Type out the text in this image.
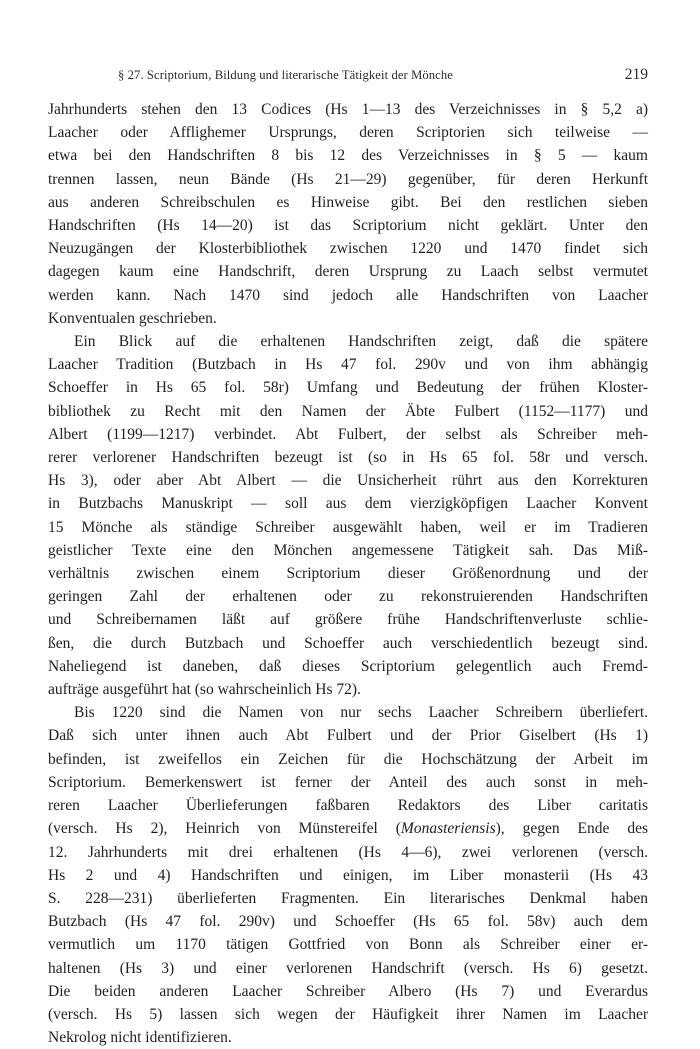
§ 27. Scriptorium, Bildung und literarische Tätigkeit der Mönche	219

Jahrhunderts stehen den 13 Codices (Hs 1—13 des Verzeichnisses in § 5,2 a)
Laacher oder Afflighemer Ursprungs, deren Scriptorien sich teilweise —
etwa bei den Handschriften 8 bis 12 des Verzeichnisses in § 5 — kaum
trennen lassen, neun Bände (Hs 21—29) gegenüber, für deren Herkunft
aus anderen Schreibschulen es Hinweise gibt. Bei den restlichen sieben
Handschriften (Hs 14—20) ist das Scriptorium nicht geklärt. Unter den
Neuzugängen der Klosterbibliothek zwischen 1220 und 1470 findet sich
dagegen kaum eine Handschrift, deren Ursprung zu Laach selbst vermutet
werden kann. Nach 1470 sind jedoch alle Handschriften von Laacher
Konventualen geschrieben.

Ein Blick auf die erhaltenen Handschriften zeigt, daß die spätere
Laacher Tradition (Butzbach in Hs 47 fol. 290v und von ihm abhängig
Schoeffer in Hs 65 fol. 58r) Umfang und Bedeutung der frühen Kloster-
bibliothek zu Recht mit den Namen der Äbte Fulbert (1152—1177) und
Albert (1199—1217) verbindet. Abt Fulbert, der selbst als Schreiber meh-
rerer verlorener Handschriften bezeugt ist (so in Hs 65 fol. 58r und versch.
Hs 3), oder aber Abt Albert — die Unsicherheit rührt aus den Korrekturen
in Butzbachs Manuskript — soll aus dem vierzigköpfigen Laacher Konvent
15 Mönche als ständige Schreiber ausgewählt haben, weil er im Tradieren
geistlicher Texte eine den Mönchen angemessene Tätigkeit sah. Das Miß-
verhältnis zwischen einem Scriptorium dieser Größenordnung und der
geringen Zahl der erhaltenen oder zu rekonstruierenden Handschriften
und Schreibernamen läßt auf größere frühe Handschriftenverluste schlie-
ßen, die durch Butzbach und Schoeffer auch verschiedentlich bezeugt sind.
Naheliegend ist daneben, daß dieses Scriptorium gelegentlich auch Fremd-
aufträge ausgeführt hat (so wahrscheinlich Hs 72).

Bis 1220 sind die Namen von nur sechs Laacher Schreibern überliefert.
Daß sich unter ihnen auch Abt Fulbert und der Prior Giselbert (Hs 1)
befinden, ist zweifellos ein Zeichen für die Hochschätzung der Arbeit im
Scriptorium. Bemerkenswert ist ferner der Anteil des auch sonst in meh-
reren Laacher Überlieferungen faßbaren Redaktors des Liber caritatis
(versch. Hs 2), Heinrich von Münstereifel (Monasteriensis), gegen Ende des
12. Jahrhunderts mit drei erhaltenen (Hs 4—6), zwei verlorenen (versch.
Hs 2 und 4) Handschriften und einigen, im Liber monasterii (Hs 43
S. 228—231) überlieferten Fragmenten. Ein literarisches Denkmal haben
Butzbach (Hs 47 fol. 290v) und Schoeffer (Hs 65 fol. 58v) auch dem
vermutlich um 1170 tätigen Gottfried von Bonn als Schreiber einer er-
haltenen (Hs 3) und einer verlorenen Handschrift (versch. Hs 6) gesetzt.
Die beiden anderen Laacher Schreiber Albero (Hs 7) und Everardus
(versch. Hs 5) lassen sich wegen der Häufigkeit ihrer Namen im Laacher
Nekrolog nicht identifizieren.
